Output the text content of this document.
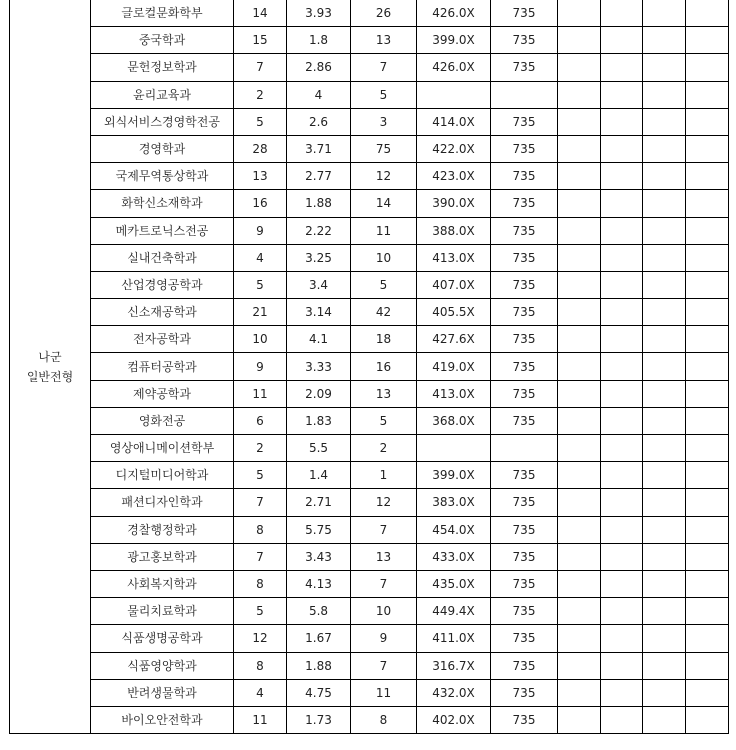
나군
일반전형	글로컬문화학부	14	3.93	26	426.0X	735				
	중국학과	15	1.8	13	399.0X	735				
	문헌정보학과	7	2.86	7	426.0X	735				
	윤리교육과	2	4	5						
	외식서비스경영학전공	5	2.6	3	414.0X	735				
	경영학과	28	3.71	75	422.0X	735				
	국제무역통상학과	13	2.77	12	423.0X	735				
	화학신소재학과	16	1.88	14	390.0X	735				
	메카트로닉스전공	9	2.22	11	388.0X	735				
	실내건축학과	4	3.25	10	413.0X	735				
	산업경영공학과	5	3.4	5	407.0X	735				
	신소재공학과	21	3.14	42	405.5X	735				
	전자공학과	10	4.1	18	427.6X	735				
	컴퓨터공학과	9	3.33	16	419.0X	735				
	제약공학과	11	2.09	13	413.0X	735				
	영화전공	6	1.83	5	368.0X	735				
	영상애니메이션학부	2	5.5	2						
	디지털미디어학과	5	1.4	1	399.0X	735				
	패션디자인학과	7	2.71	12	383.0X	735				
	경찰행정학과	8	5.75	7	454.0X	735				
	광고홍보학과	7	3.43	13	433.0X	735				
	사회복지학과	8	4.13	7	435.0X	735				
	물리치료학과	5	5.8	10	449.4X	735				
	식품생명공학과	12	1.67	9	411.0X	735				
	식품영양학과	8	1.88	7	316.7X	735				
	반려생물학과	4	4.75	11	432.0X	735				
	바이오안전학과	11	1.73	8	402.0X	735				
